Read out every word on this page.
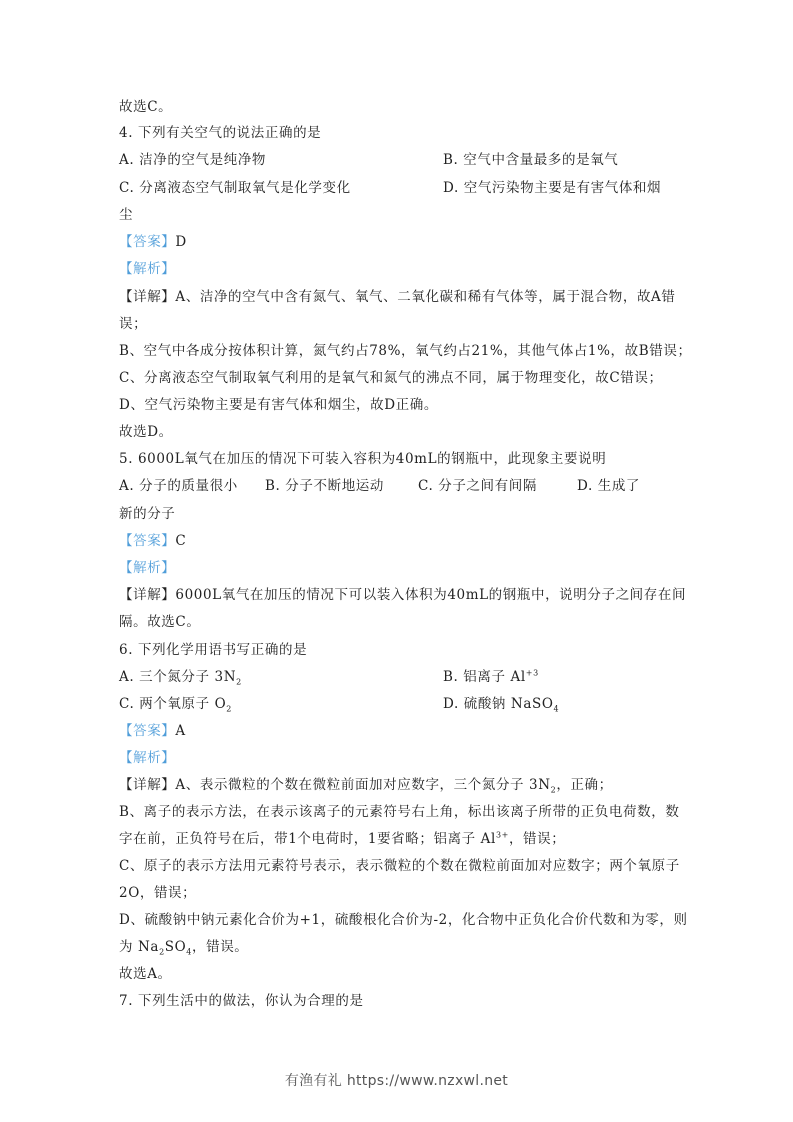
故选C。
4. 下列有关空气的说法正确的是
A. 洁净的空气是纯净物	B. 空气中含量最多的是氧气
C. 分离液态空气制取氧气是化学变化	D. 空气污染物主要是有害气体和烟
尘
【答案】D
【解析】
【详解】A、洁净的空气中含有氮气、氧气、二氧化碳和稀有气体等，属于混合物，故A错
误；
B、空气中各成分按体积计算，氮气约占78%，氧气约占21%，其他气体占1%，故B错误；
C、分离液态空气制取氧气利用的是氧气和氮气的沸点不同，属于物理变化，故C错误；
D、空气污染物主要是有害气体和烟尘，故D正确。
故选D。
5. 6000L氧气在加压的情况下可装入容积为40mL的钢瓶中，此现象主要说明
A. 分子的质量很小 B. 分子不断地运动	C. 分子之间有间隔	D. 生成了
新的分子
【答案】C
【解析】
【详解】6000L氧气在加压的情况下可以装入体积为40mL的钢瓶中，说明分子之间存在间
隔。故选C。
6. 下列化学用语书写正确的是
A. 三个氮分子 $3N_2$	B. 铝离子 $Al^{+3}$
C. 两个氧原子 $O_2$	D. 硫酸钠 NaSO$_4$
【答案】A
【解析】
【详解】A、表示微粒的个数在微粒前面加对应数字，三个氮分子 $3N_2$，正确；
B、离子的表示方法，在表示该离子的元素符号右上角，标出该离子所带的正负电荷数，数
字在前，正负符号在后，带1个电荷时，1要省略；铝离子 $Al^{3+}$，错误；
C、原子的表示方法用元素符号表示，表示微粒的个数在微粒前面加对应数字；两个氧原子
2O，错误；
D、硫酸钠中钠元素化合价为+1，硫酸根化合价为-2，化合物中正负化合价代数和为零，则
为 $Na_2SO_4$，错误。
故选A。
7. 下列生活中的做法，你认为合理的是
有渔有礼 https://www.nzxwl.net
